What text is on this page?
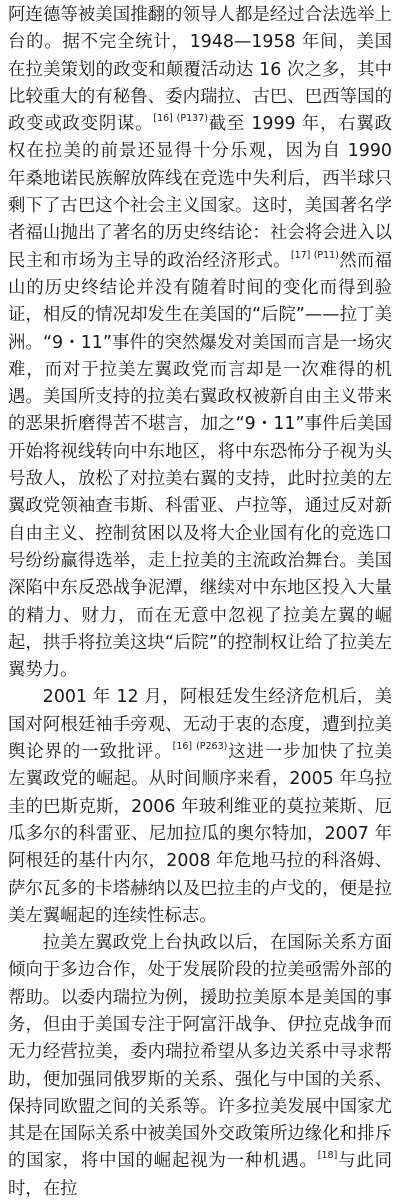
阿连德等被美国推翻的领导人都是经过合法选举上台的。据不完全统计，1948—1958 年间，美国在拉美策划的政变和颠覆活动达 16 次之多，其中比较重大的有秘鲁、委内瑞拉、古巴、巴西等国的政变或政变阴谋。$^{[16] (P137)}$截至 1999 年，右翼政权在拉美的前景还显得十分乐观，因为自 1990 年桑地诺民族解放阵线在竞选中失利后，西半球只剩下了古巴这个社会主义国家。这时，美国著名学者福山抛出了著名的历史终结论：社会将会进入以民主和市场为主导的政治经济形式。$^{[17] (P11)}$然而福山的历史终结论并没有随着时间的变化而得到验证，相反的情况却发生在美国的“后院”——拉丁美洲。“9・11”事件的突然爆发对美国而言是一场灾难，而对于拉美左翼政党而言却是一次难得的机遇。美国所支持的拉美右翼政权被新自由主义带来的恶果折磨得苦不堪言，加之“9・11”事件后美国开始将视线转向中东地区，将中东恐怖分子视为头号敌人，放松了对拉美右翼的支持，此时拉美的左翼政党领袖查韦斯、科雷亚、卢拉等，通过反对新自由主义、控制贫困以及将大企业国有化的竞选口号纷纷赢得选举，走上拉美的主流政治舞台。美国深陷中东反恐战争泥潭，继续对中东地区投入大量的精力、财力，而在无意中忽视了拉美左翼的崛起，拱手将拉美这块“后院”的控制权让给了拉美左翼势力。

2001 年 12 月，阿根廷发生经济危机后，美国对阿根廷袖手旁观、无动于衷的态度，遭到拉美舆论界的一致批评。$^{[16] (P263)}$这进一步加快了拉美左翼政党的崛起。从时间顺序来看，2005 年乌拉圭的巴斯克斯，2006 年玻利维亚的莫拉莱斯、厄瓜多尔的科雷亚、尼加拉瓜的奥尔特加，2007 年阿根廷的基什内尔，2008 年危地马拉的科洛姆、萨尔瓦多的卡塔赫纳以及巴拉圭的卢戈的，便是拉美左翼崛起的连续性标志。

拉美左翼政党上台执政以后，在国际关系方面倾向于多边合作，处于发展阶段的拉美亟需外部的帮助。以委内瑞拉为例，援助拉美原本是美国的事务，但由于美国专注于阿富汗战争、伊拉克战争而无力经营拉美，委内瑞拉希望从多边关系中寻求帮助，便加强同俄罗斯的关系、强化与中国的关系、保持同欧盟之间的关系等。许多拉美发展中国家尤其是在国际关系中被美国外交政策所边缘化和排斥的国家，将中国的崛起视为一种机遇。[18]与此同时，在拉
